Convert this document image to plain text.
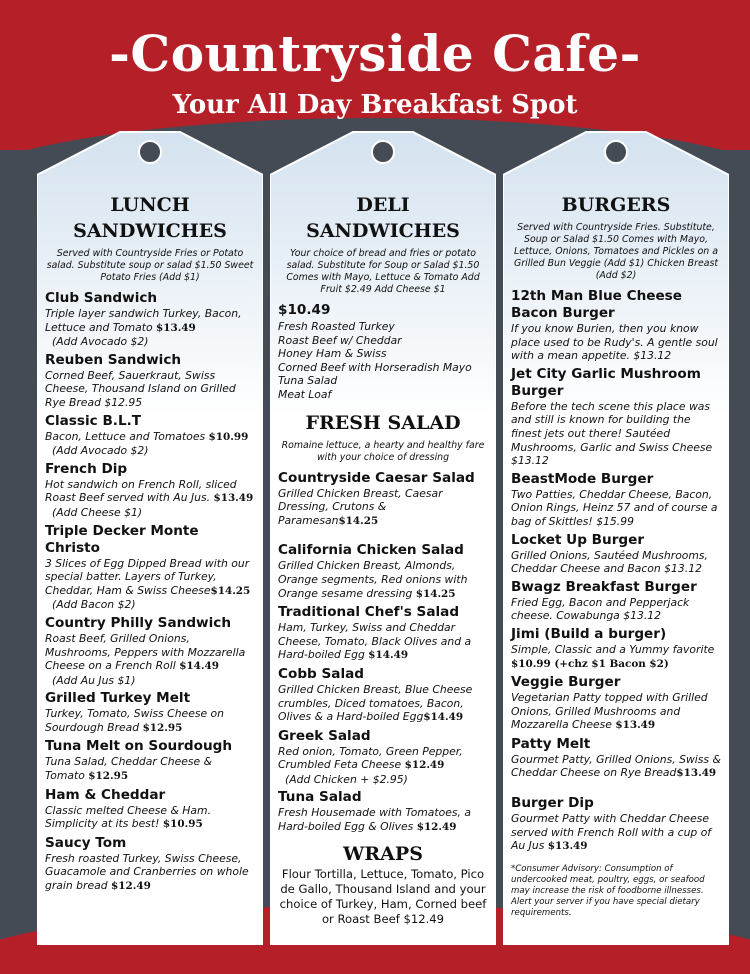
-Countryside Cafe-
Your All Day Breakfast Spot
LUNCH
SANDWICHES
Served with Countryside Fries or Potato salad. Substitute soup or salad $1.50 Sweet Potato Fries (Add $1)
Club Sandwich
Triple layer sandwich Turkey, Bacon, Lettuce and Tomato $13.49
(Add Avocado $2)
Reuben Sandwich
Corned Beef, Sauerkraut, Swiss Cheese, Thousand Island on Grilled Rye Bread $12.95
Classic B.L.T
Bacon, Lettuce and Tomatoes $10.99
(Add Avocado $2)
French Dip
Hot sandwich on French Roll, sliced Roast Beef served with Au Jus. $13.49
(Add Cheese $1)
Triple Decker Monte Christo
3 Slices of Egg Dipped Bread with our special batter. Layers of Turkey, Cheddar, Ham & Swiss Cheese$14.25
(Add Bacon $2)
Country Philly Sandwich
Roast Beef, Grilled Onions, Mushrooms, Peppers with Mozzarella Cheese on a French Roll $14.49
(Add Au Jus $1)
Grilled Turkey Melt
Turkey, Tomato, Swiss Cheese on Sourdough Bread $12.95
Tuna Melt on Sourdough
Tuna Salad, Cheddar Cheese & Tomato $12.95
Ham & Cheddar
Classic melted Cheese & Ham. Simplicity at its best! $10.95
Saucy Tom
Fresh roasted Turkey, Swiss Cheese, Guacamole and Cranberries on whole grain bread $12.49
DELI
SANDWICHES
Your choice of bread and fries or potato salad. Substitute for Soup or Salad $1.50 Comes with Mayo, Lettuce & Tomato Add Fruit $2.49 Add Cheese $1
$10.49
Fresh Roasted Turkey
Roast Beef w/ Cheddar
Honey Ham & Swiss
Corned Beef with Horseradish Mayo
Tuna Salad
Meat Loaf
FRESH SALAD
Romaine lettuce, a hearty and healthy fare with your choice of dressing
Countryside Caesar Salad
Grilled Chicken Breast, Caesar Dressing, Crutons & Paramesan$14.25
California Chicken Salad
Grilled Chicken Breast, Almonds, Orange segments, Red onions with Orange sesame dressing $14.25
Traditional Chef's Salad
Ham, Turkey, Swiss and Cheddar Cheese, Tomato, Black Olives and a Hard-boiled Egg $14.49
Cobb Salad
Grilled Chicken Breast, Blue Cheese crumbles, Diced tomatoes, Bacon, Olives & a Hard-boiled Egg$14.49
Greek Salad
Red onion, Tomato, Green Pepper, Crumbled Feta Cheese $12.49
(Add Chicken + $2.95)
Tuna Salad
Fresh Housemade with Tomatoes, a Hard-boiled Egg & Olives $12.49
WRAPS
Flour Tortilla, Lettuce, Tomato, Pico de Gallo, Thousand Island and your choice of Turkey, Ham, Corned beef or Roast Beef $12.49
BURGERS
Served with Countryside Fries. Substitute, Soup or Salad $1.50 Comes with Mayo, Lettuce, Onions, Tomatoes and Pickles on a Grilled Bun Veggie (Add $1) Chicken Breast (Add $2)
12th Man Blue Cheese Bacon Burger
If you know Burien, then you know place used to be Rudy's. A gentle soul with a mean appetite. $13.12
Jet City Garlic Mushroom Burger
Before the tech scene this place was and still is known for building the finest jets out there! Sautéed Mushrooms, Garlic and Swiss Cheese $13.12
BeastMode Burger
Two Patties, Cheddar Cheese, Bacon, Onion Rings, Heinz 57 and of course a bag of Skittles! $15.99
Locket Up Burger
Grilled Onions, Sautéed Mushrooms, Cheddar Cheese and Bacon $13.12
Bwagz Breakfast Burger
Fried Egg, Bacon and Pepperjack cheese. Cowabunga $13.12
Jimi (Build a burger)
Simple, Classic and a Yummy favorite $10.99 (+chz $1 Bacon $2)
Veggie Burger
Vegetarian Patty topped with Grilled Onions, Grilled Mushrooms and Mozzarella Cheese $13.49
Patty Melt
Gourmet Patty, Grilled Onions, Swiss & Cheddar Cheese on Rye Bread$13.49
Burger Dip
Gourmet Patty with Cheddar Cheese served with French Roll with a cup of Au Jus $13.49
*Consumer Advisory: Consumption of undercooked meat, poultry, eggs, or seafood may increase the risk of foodborne illnesses. Alert your server if you have special dietary requirements.
